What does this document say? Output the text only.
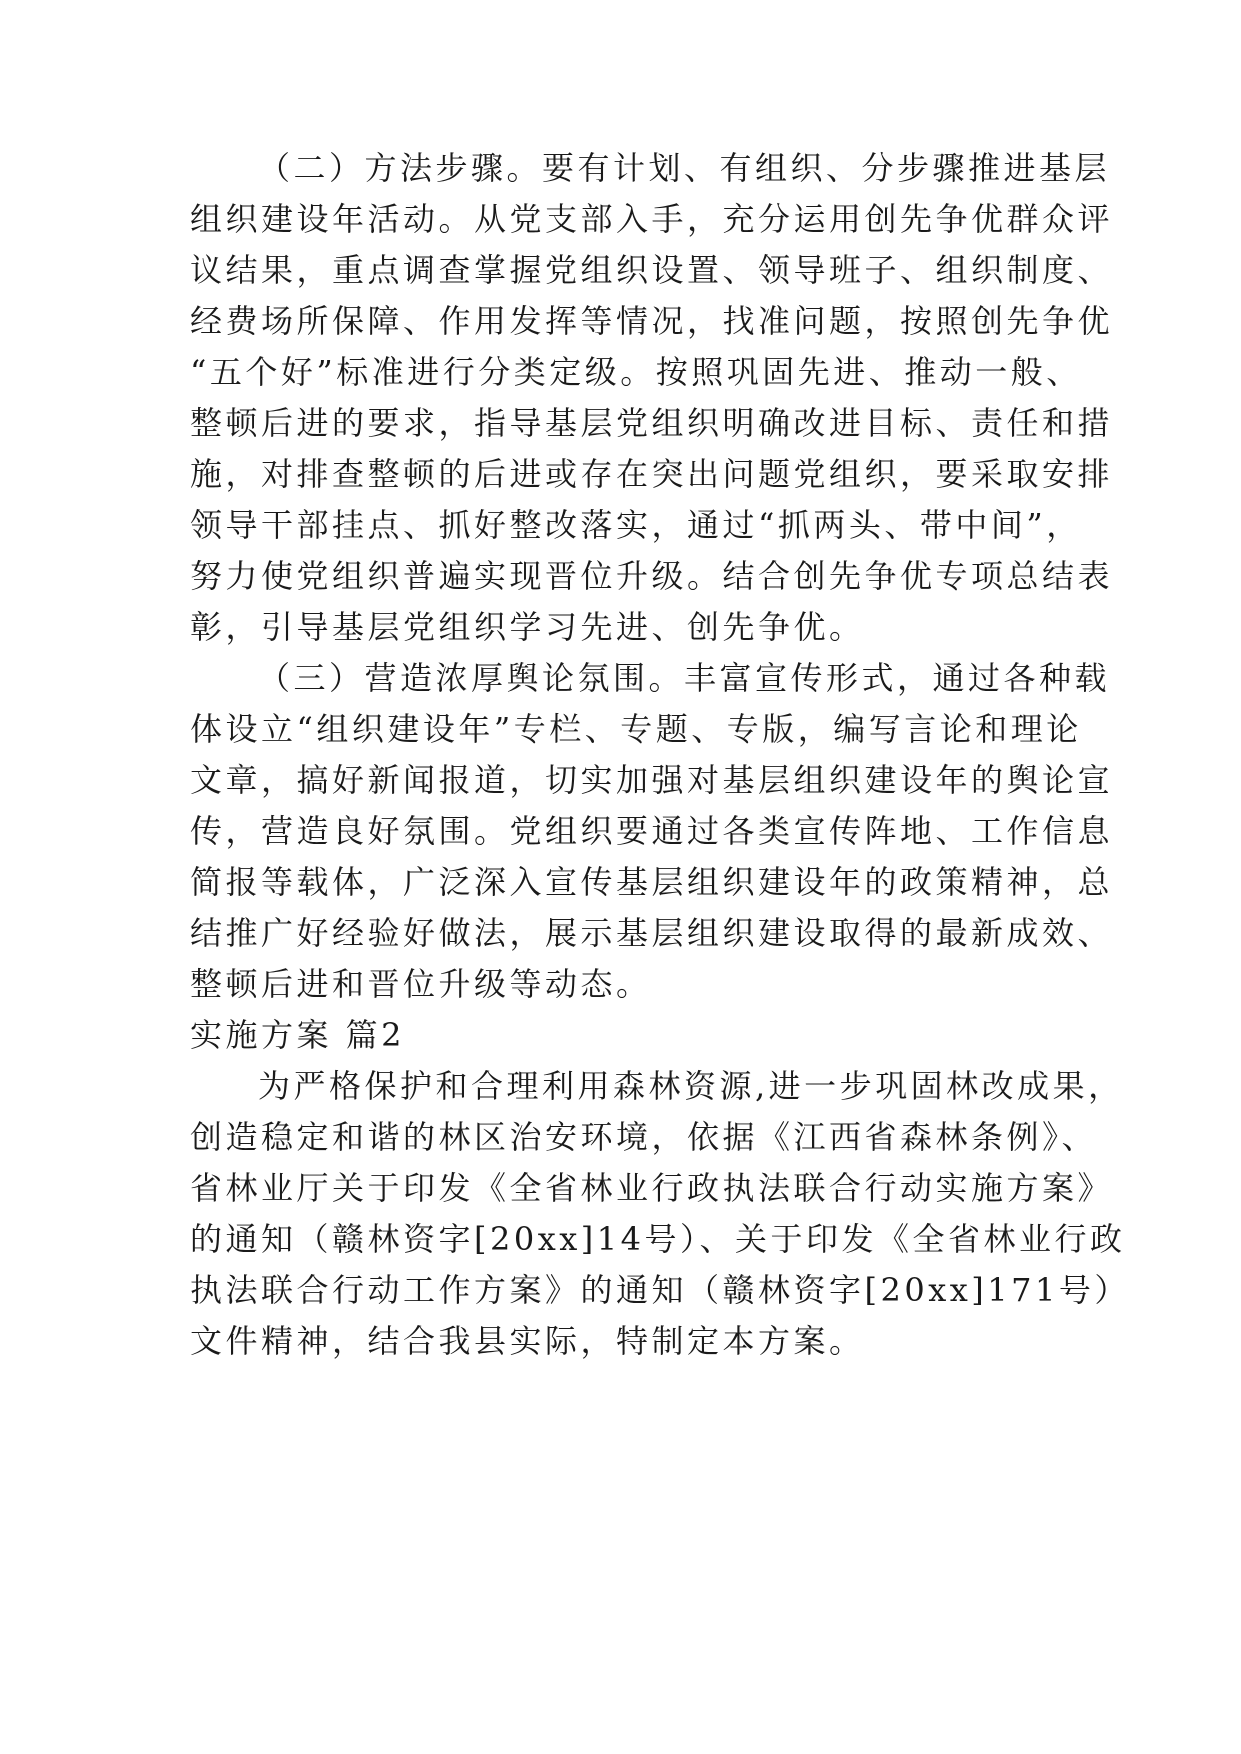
（二）方法步骤。要有计划、有组织、分步骤推进基层

组织建设年活动。从党支部入手，充分运用创先争优群众评

议结果，重点调查掌握党组织设置、领导班子、组织制度、

经费场所保障、作用发挥等情况，找准问题，按照创先争优

“五个好”标准进行分类定级。按照巩固先进、推动一般、

整顿后进的要求，指导基层党组织明确改进目标、责任和措

施，对排查整顿的后进或存在突出问题党组织，要采取安排

领导干部挂点、抓好整改落实，通过“抓两头、带中间”，

努力使党组织普遍实现晋位升级。结合创先争优专项总结表

彰，引导基层党组织学习先进、创先争优。

（三）营造浓厚舆论氛围。丰富宣传形式，通过各种载

体设立“组织建设年”专栏、专题、专版，编写言论和理论

文章，搞好新闻报道，切实加强对基层组织建设年的舆论宣

传，营造良好氛围。党组织要通过各类宣传阵地、工作信息

简报等载体，广泛深入宣传基层组织建设年的政策精神，总

结推广好经验好做法，展示基层组织建设取得的最新成效、

整顿后进和晋位升级等动态。

实施方案 篇2

为严格保护和合理利用森林资源,进一步巩固林改成果，

创造稳定和谐的林区治安环境，依据《江西省森林条例》、

省林业厅关于印发《全省林业行政执法联合行动实施方案》

的通知（赣林资字[20xx]14号）、关于印发《全省林业行政

执法联合行动工作方案》的通知（赣林资字[20xx]171号）

文件精神，结合我县实际，特制定本方案。
